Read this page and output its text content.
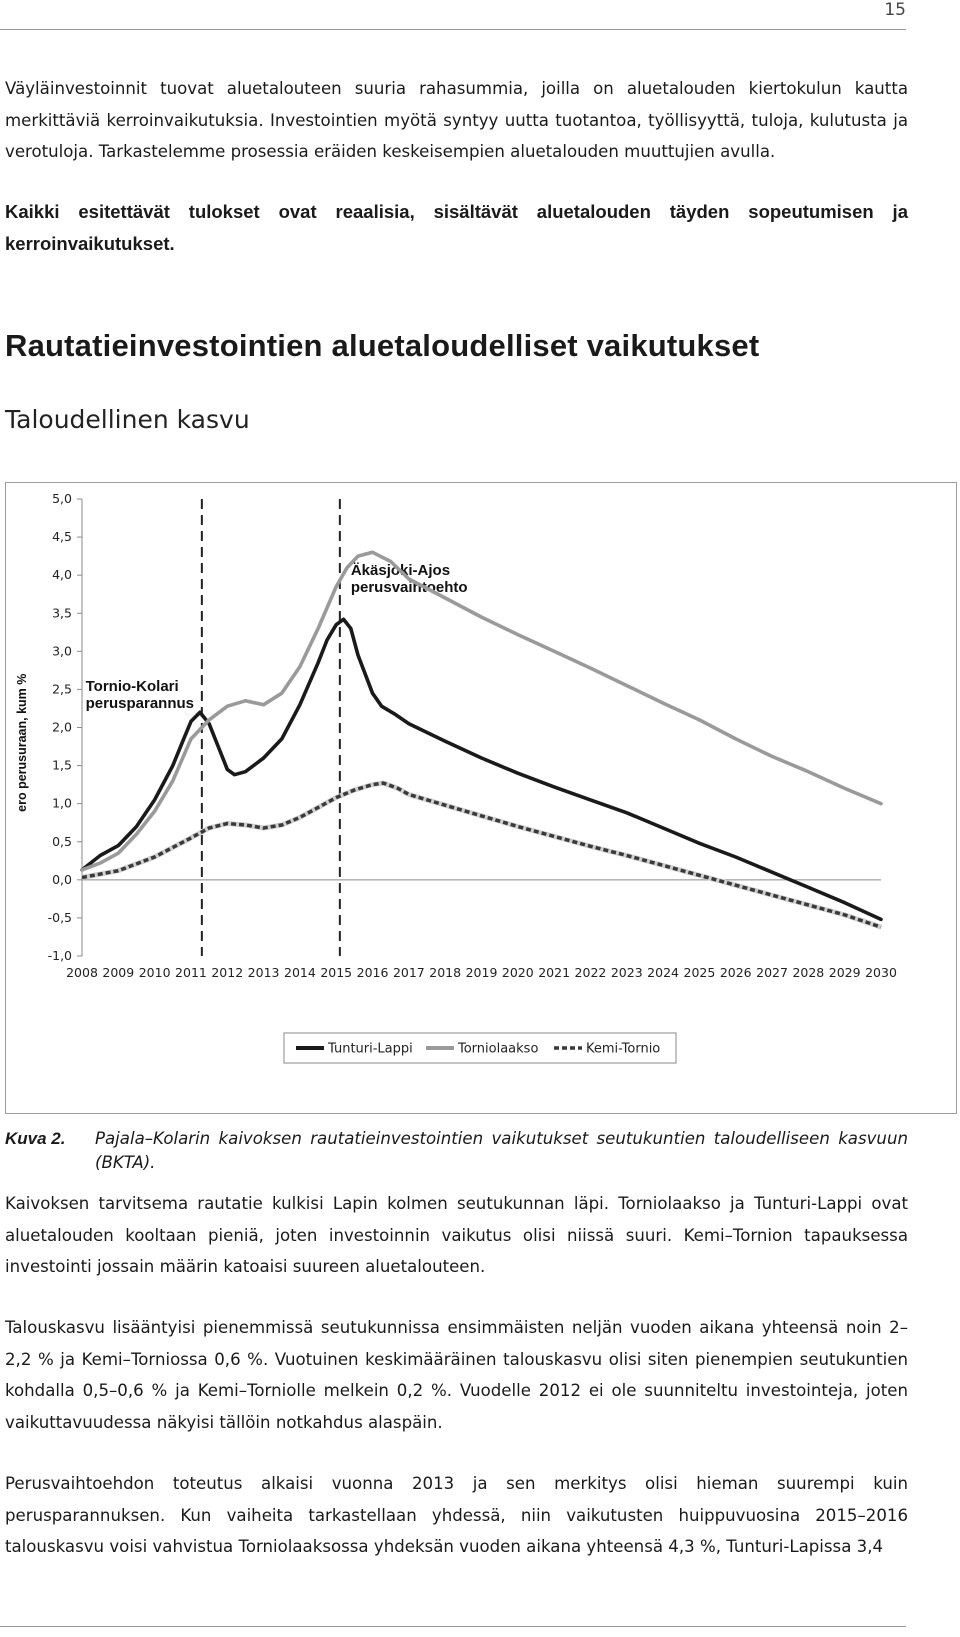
15

Väyläinvestoinnit tuovat aluetalouteen suuria rahasummia, joilla on aluetalouden kiertokulun kautta merkittäviä kerroinvaikutuksia. Investointien myötä syntyy uutta tuotantoa, työllisyyttä, tuloja, kulutusta ja verotuloja. Tarkastelemme prosessia eräiden keskeisempien aluetalouden muuttujien avulla.

Kaikki esitettävät tulokset ovat reaalisia, sisältävät aluetalouden täyden sopeutumisen ja kerroinvaikutukset.

Rautatieinvestointien aluetaloudelliset vaikutukset
Taloudellinen kasvu
5,0
4,5
4,0
3,5
3,0
2,5
2,0
1,5
1,0
0,5
0,0
-0,5
-1,0
ero perusuraan, kum %
2008 2009 2010 2011 2012 2013 2014 2015 2016 2017 2018 2019 2020 2021 2022 2023 2024 2025 2026 2027 2028 2029 2030
Tornio-Kolari
perusparannus
Äkäsjoki-Ajos
perusvaihtoehto
Tunturi-Lappi	Torniolaakso	Kemi-Tornio
Kuva 2. Pajala–Kolarin kaivoksen rautatieinvestointien vaikutukset seutukuntien taloudelliseen kasvuun (BKTA).

Kaivoksen tarvitsema rautatie kulkisi Lapin kolmen seutukunnan läpi. Torniolaakso ja Tunturi-Lappi ovat aluetalouden kooltaan pieniä, joten investoinnin vaikutus olisi niissä suuri. Kemi–Tornion tapauksessa investointi jossain määrin katoaisi suureen aluetalouteen.

Talouskasvu lisääntyisi pienemmissä seutukunnissa ensimmäisten neljän vuoden aikana yhteensä noin 2–2,2 % ja Kemi–Torniossa 0,6 %. Vuotuinen keskimääräinen talouskasvu olisi siten pienempien seutukuntien kohdalla 0,5–0,6 % ja Kemi–Torniolle melkein 0,2 %. Vuodelle 2012 ei ole suunniteltu investointeja, joten vaikuttavuudessa näkyisi tällöin notkahdus alaspäin.

Perusvaihtoehdon toteutus alkaisi vuonna 2013 ja sen merkitys olisi hieman suurempi kuin perusparannuksen. Kun vaiheita tarkastellaan yhdessä, niin vaikutusten huippuvuosina 2015–2016 talouskasvu voisi vahvistua Torniolaaksossa yhdeksän vuoden aikana yhteensä 4,3 %, Tunturi-Lapissa 3,4
